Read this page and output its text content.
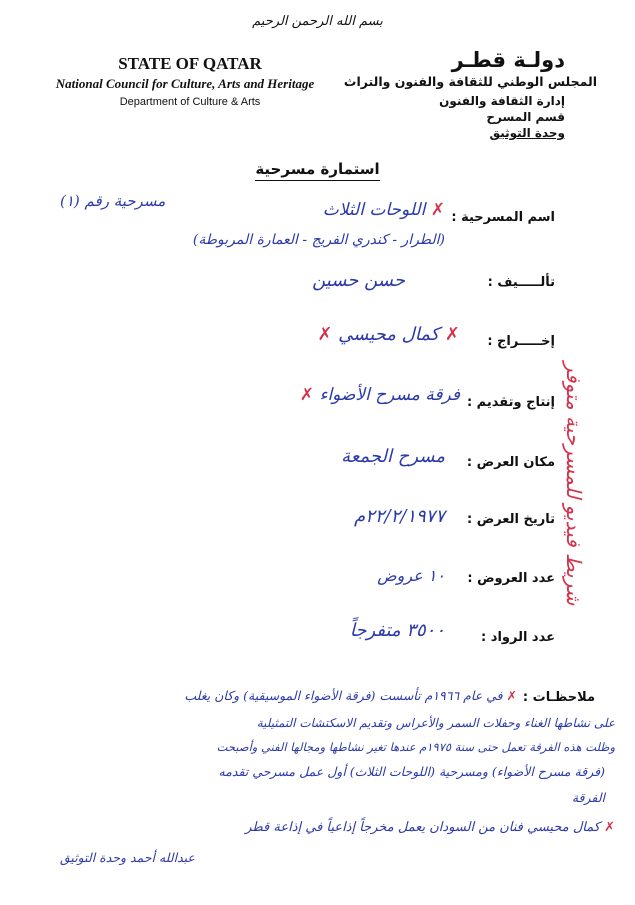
بسم الله الرحمن الرحيم
STATE OF QATAR
National Council for Culture, Arts and Heritage
Department of Culture & Arts
دولـة قطـر
المجلس الوطني للثقافة والفنون والتراث
إدارة الثقافة والفنون
قسم المسرح
وحدة التوثيق
استمارة مسرحية
اسم المسرحية :
✗ اللوحات الثلاث
مسرحية رقم (١)
(الطرار - كندري الفريج - العمارة المربوطة)
تألـــــيف :
حسن حسين
إخـــــراج :
✗ كمال محيسي ✗
إنتاج وتقديم :
فرقة مسرح الأضواء ✗
مكان العرض :
مسرح الجمعة
تاريخ العرض :
٢٢/٢/١٩٧٧م
عدد العروض :
١٠ عروض
عدد الرواد :
٣٥٠٠ متفرجاً
شريط فيديو للمسرحية متوفر
ملاحظـات :
✗ في عام ١٩٦٦م تأسست (فرقة الأضواء الموسيقية) وكان يغلب
على نشاطها الغناء وحفلات السمر والأعراس وتقديم الاسكتشات التمثيلية
وظلت هذه الفرقة تعمل حتى سنة ١٩٧٥م عندها تغير نشاطها ومجالها الفني وأصبحت
(فرقة مسرح الأضواء) ومسرحية (اللوحات الثلاث) أول عمل مسرحي تقدمه
الفرقة
✗ كمال محيسي فنان من السودان يعمل مخرجاً إذاعياً في إذاعة قطر
عبدالله أحمد وحدة التوثيق
